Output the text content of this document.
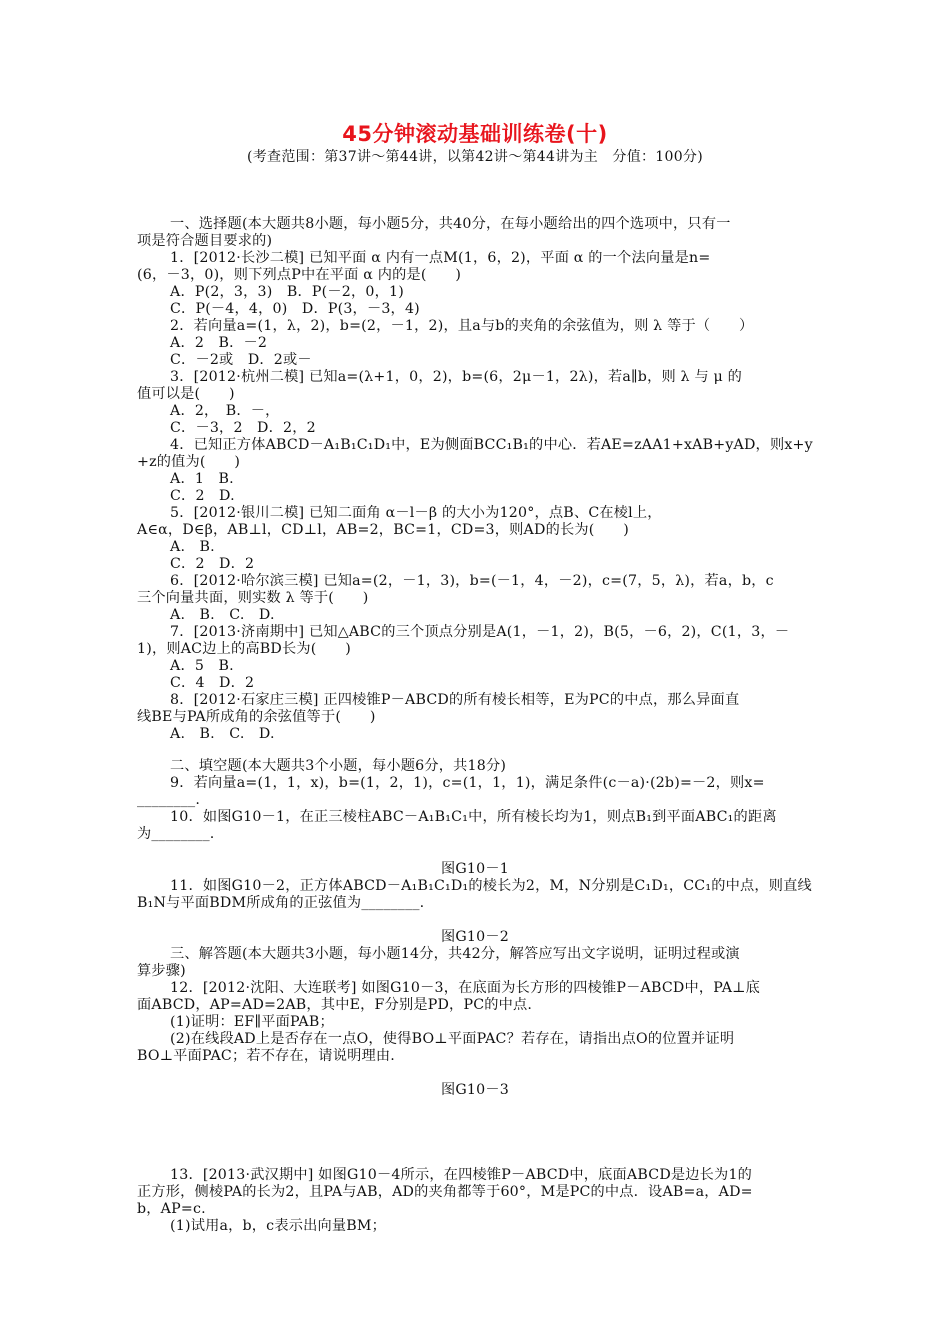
45分钟滚动基础训练卷(十)
(考查范围：第37讲～第44讲，以第42讲～第44讲为主　分值：100分)
一、选择题(本大题共8小题，每小题5分，共40分，在每小题给出的四个选项中，只有一
项是符合题目要求的)
1．[2012·长沙二模] 已知平面 α 内有一点M(1，6，2)，平面 α 的一个法向量是n=
(6，－3，0)，则下列点P中在平面 α 内的是(　　)
A．P(2，3，3)　B．P(－2，0，1)
C．P(－4，4，0)　D．P(3，－3，4)
2．若向量a=(1，λ，2)，b=(2，－1，2)，且a与b的夹角的余弦值为，则 λ 等于（　　）
A．2　B．－2
C．－2或　D．2或－
3．[2012·杭州二模] 已知a=(λ+1，0，2)，b=(6，2μ－1，2λ)，若a∥b，则 λ 与 μ 的
值可以是(　　)
A．2，　B．－，
C．－3，2　D．2，2
4．已知正方体ABCD－A₁B₁C₁D₁中，E为侧面BCC₁B₁的中心．若AE=zAA1+xAB+yAD，则x+y
+z的值为(　　)
A．1　B.
C．2　D.
5．[2012·银川二模] 已知二面角 α－l－β 的大小为120°，点B、C在棱l上，
A∈α，D∈β，AB⊥l，CD⊥l，AB=2，BC=1，CD=3，则AD的长为(　　)
A.　B.
C．2　D．2
6．[2012·哈尔滨三模] 已知a=(2，－1，3)，b=(－1，4，－2)，c=(7，5，λ)，若a，b，c
三个向量共面，则实数 λ 等于(　　)
A.　B.　C.　D.
7．[2013·济南期中] 已知△ABC的三个顶点分别是A(1，－1，2)，B(5，－6，2)，C(1，3，－
1)，则AC边上的高BD长为(　　)
A．5　B.
C．4　D．2
8．[2012·石家庄三模] 正四棱锥P－ABCD的所有棱长相等，E为PC的中点，那么异面直
线BE与PA所成角的余弦值等于(　　)
A.　B.　C.　D.
二、填空题(本大题共3个小题，每小题6分，共18分)
9．若向量a=(1，1，x)，b=(1，2，1)，c=(1，1，1)，满足条件(c－a)·(2b)=－2，则x=
________.
10．如图G10－1，在正三棱柱ABC－A₁B₁C₁中，所有棱长均为1，则点B₁到平面ABC₁的距离
为________.
图G10－1
11．如图G10－2，正方体ABCD－A₁B₁C₁D₁的棱长为2，M，N分别是C₁D₁，CC₁的中点，则直线
B₁N与平面BDM所成角的正弦值为________.
图G10－2
三、解答题(本大题共3小题，每小题14分，共42分，解答应写出文字说明，证明过程或演
算步骤)
12．[2012·沈阳、大连联考] 如图G10－3，在底面为长方形的四棱锥P－ABCD中，PA⊥底
面ABCD，AP=AD=2AB，其中E，F分别是PD，PC的中点.
(1)证明：EF∥平面PAB；
(2)在线段AD上是否存在一点O，使得BO⊥平面PAC？若存在，请指出点O的位置并证明
BO⊥平面PAC；若不存在，请说明理由.
图G10－3
13．[2013·武汉期中] 如图G10－4所示，在四棱锥P－ABCD中，底面ABCD是边长为1的
正方形，侧棱PA的长为2，且PA与AB，AD的夹角都等于60°，M是PC的中点．设AB=a，AD=
b，AP=c.
(1)试用a，b，c表示出向量BM；
